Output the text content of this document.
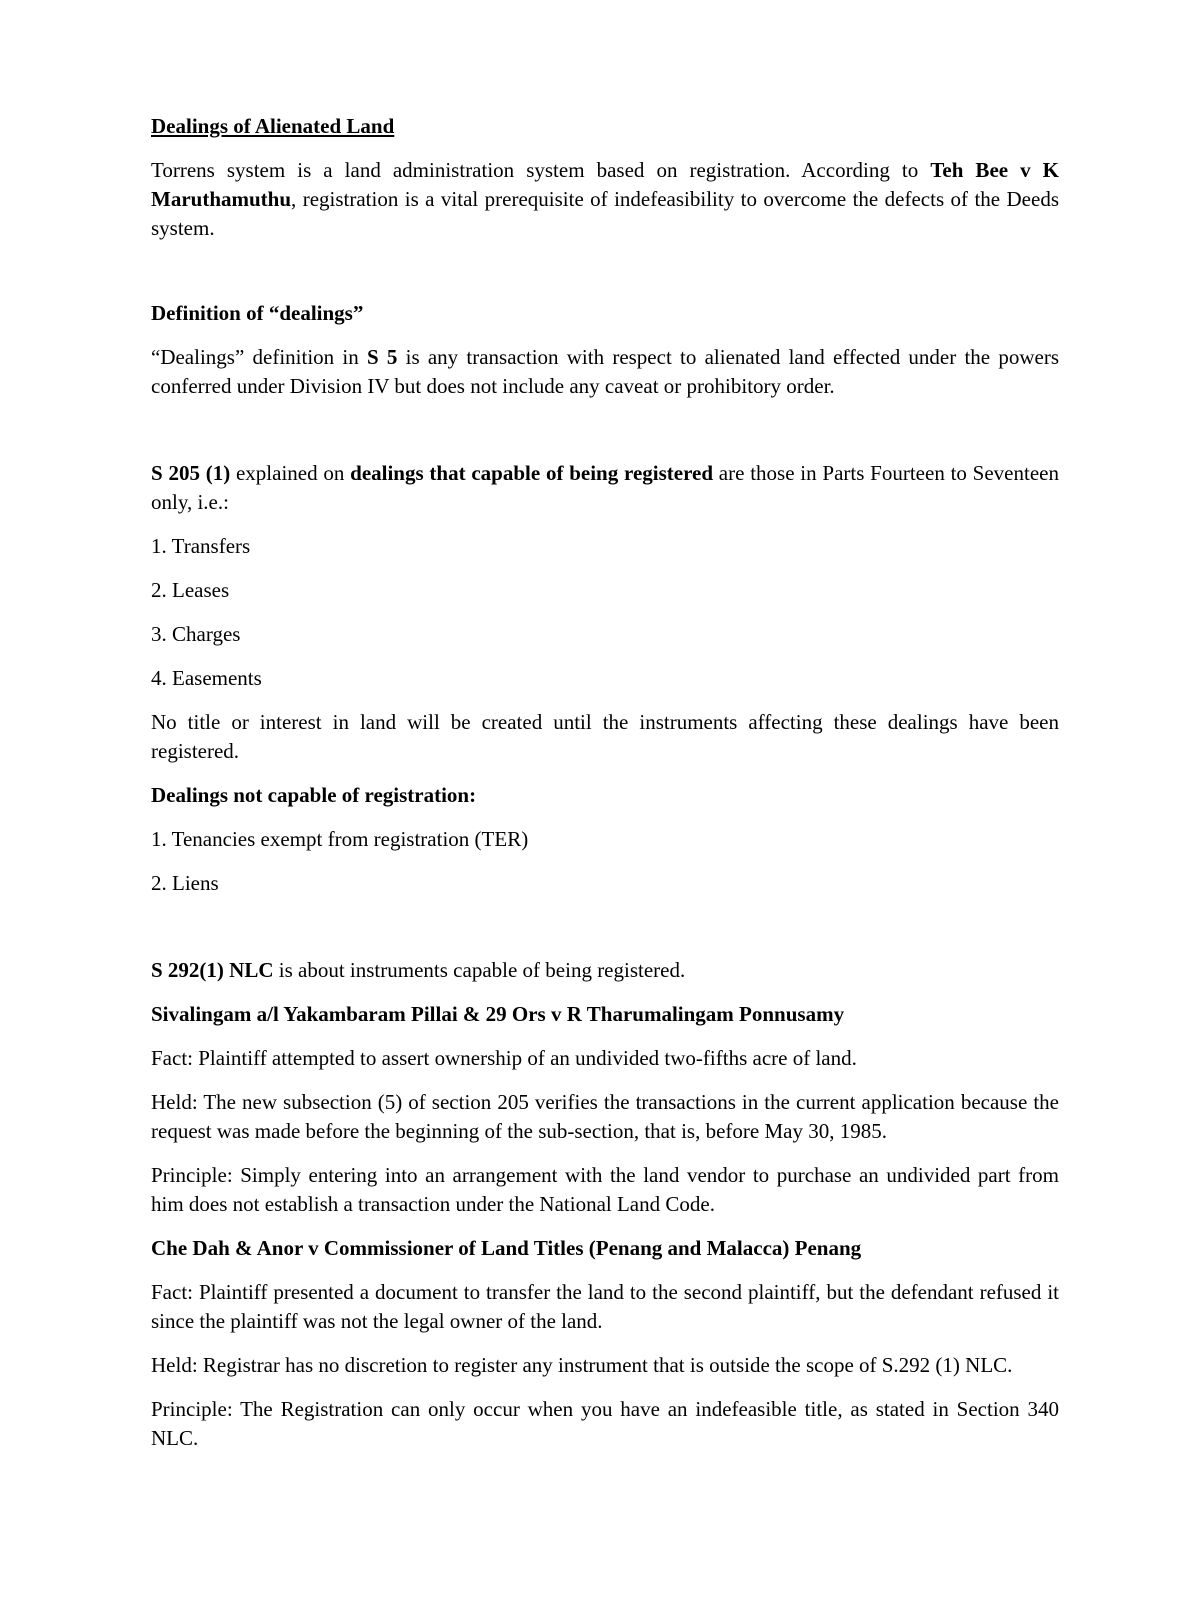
Dealings of Alienated Land

Torrens system is a land administration system based on registration. According to Teh Bee v K Maruthamuthu, registration is a vital prerequisite of indefeasibility to overcome the defects of the Deeds system.

Definition of “dealings”

“Dealings” definition in S 5 is any transaction with respect to alienated land effected under the powers conferred under Division IV but does not include any caveat or prohibitory order.

S 205 (1) explained on dealings that capable of being registered are those in Parts Fourteen to Seventeen only, i.e.:

1. Transfers

2. Leases

3. Charges

4. Easements

No title or interest in land will be created until the instruments affecting these dealings have been registered.

Dealings not capable of registration:

1. Tenancies exempt from registration (TER)

2. Liens

S 292(1) NLC is about instruments capable of being registered.

Sivalingam a/l Yakambaram Pillai & 29 Ors v R Tharumalingam Ponnusamy

Fact: Plaintiff attempted to assert ownership of an undivided two-fifths acre of land.

Held: The new subsection (5) of section 205 verifies the transactions in the current application because the request was made before the beginning of the sub-section, that is, before May 30, 1985.

Principle: Simply entering into an arrangement with the land vendor to purchase an undivided part from him does not establish a transaction under the National Land Code.

Che Dah & Anor v Commissioner of Land Titles (Penang and Malacca) Penang

Fact: Plaintiff presented a document to transfer the land to the second plaintiff, but the defendant refused it since the plaintiff was not the legal owner of the land.

Held: Registrar has no discretion to register any instrument that is outside the scope of S.292 (1) NLC.

Principle: The Registration can only occur when you have an indefeasible title, as stated in Section 340 NLC.
